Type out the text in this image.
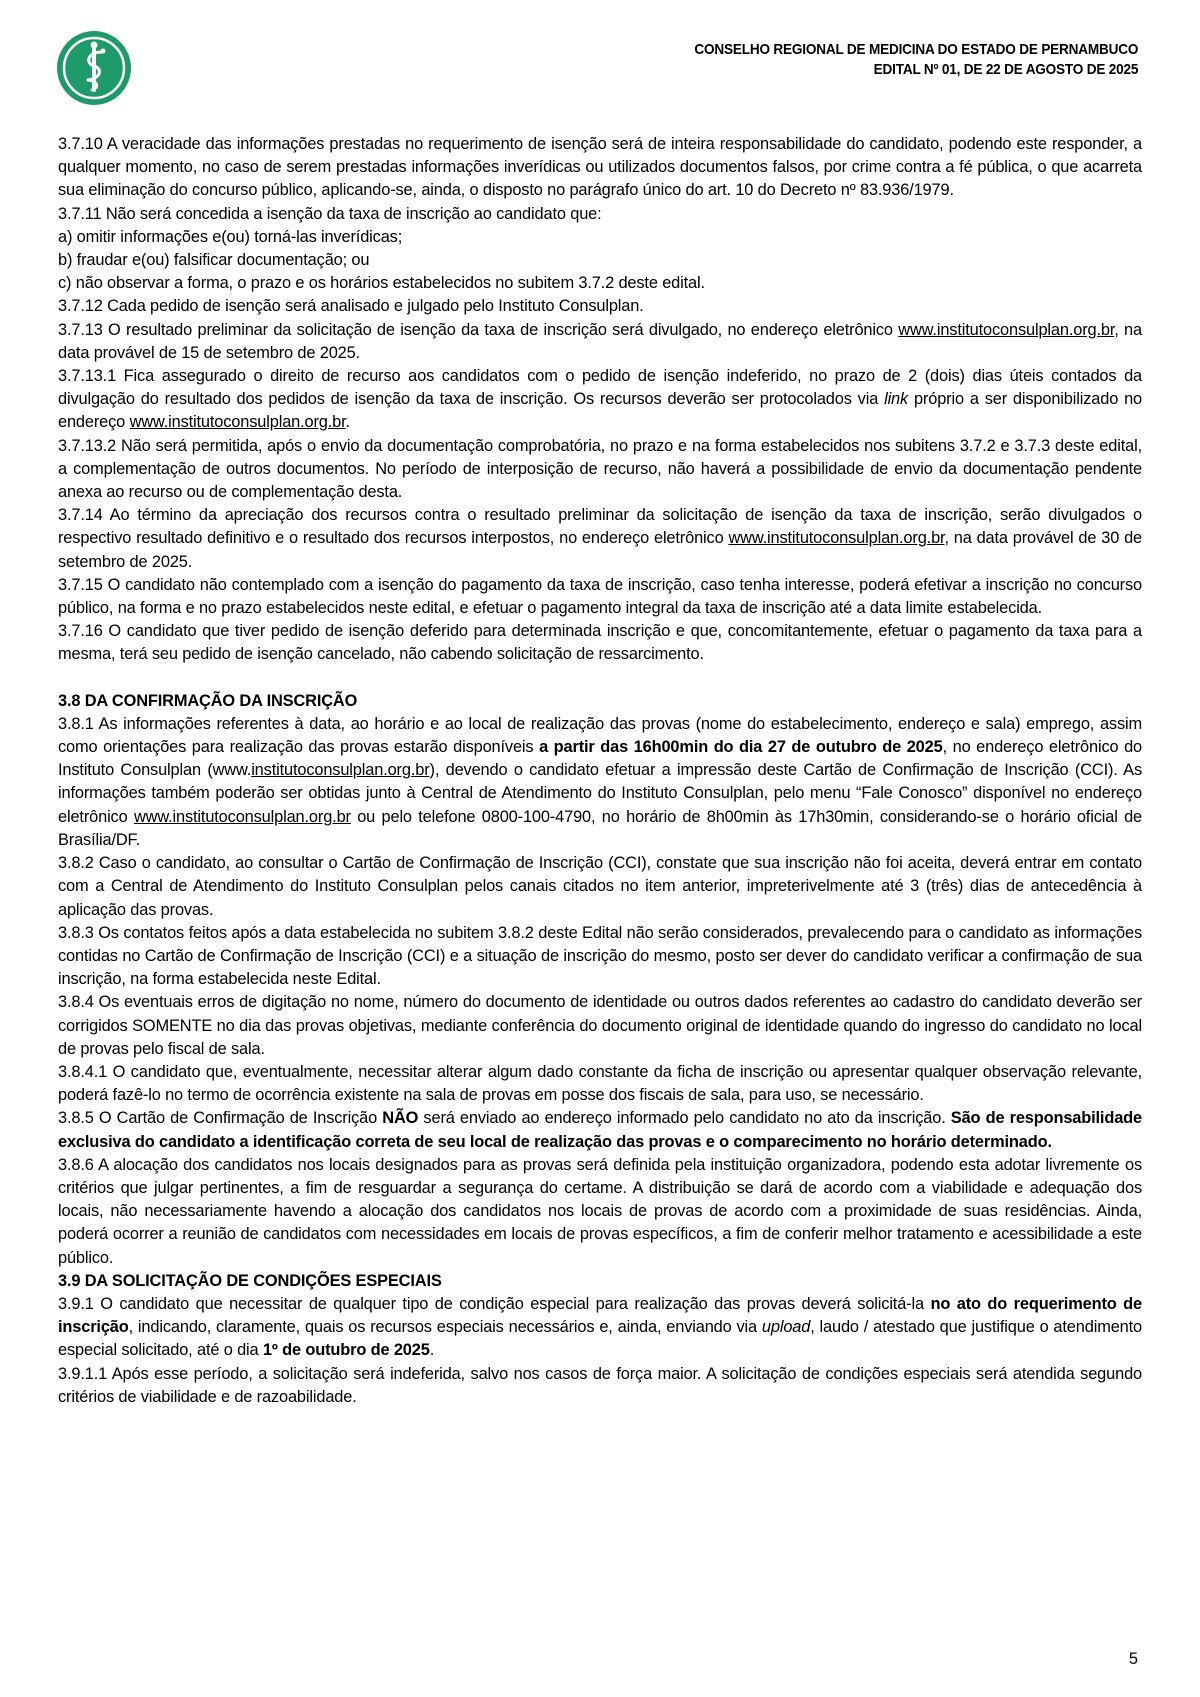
CONSELHO REGIONAL DE MEDICINA DO ESTADO DE PERNAMBUCO
EDITAL Nº 01, DE 22 DE AGOSTO DE 2025

3.7.10 A veracidade das informações prestadas no requerimento de isenção será de inteira responsabilidade do candidato, podendo este responder, a qualquer momento, no caso de serem prestadas informações inverídicas ou utilizados documentos falsos, por crime contra a fé pública, o que acarreta sua eliminação do concurso público, aplicando-se, ainda, o disposto no parágrafo único do art. 10 do Decreto nº 83.936/1979.

3.7.11 Não será concedida a isenção da taxa de inscrição ao candidato que:

a) omitir informações e(ou) torná-las inverídicas;

b) fraudar e(ou) falsificar documentação; ou

c) não observar a forma, o prazo e os horários estabelecidos no subitem 3.7.2 deste edital.

3.7.12 Cada pedido de isenção será analisado e julgado pelo Instituto Consulplan.

3.7.13 O resultado preliminar da solicitação de isenção da taxa de inscrição será divulgado, no endereço eletrônico www.institutoconsulplan.org.br, na data provável de 15 de setembro de 2025.

3.7.13.1 Fica assegurado o direito de recurso aos candidatos com o pedido de isenção indeferido, no prazo de 2 (dois) dias úteis contados da divulgação do resultado dos pedidos de isenção da taxa de inscrição. Os recursos deverão ser protocolados via link próprio a ser disponibilizado no endereço www.institutoconsulplan.org.br.

3.7.13.2 Não será permitida, após o envio da documentação comprobatória, no prazo e na forma estabelecidos nos subitens 3.7.2 e 3.7.3 deste edital, a complementação de outros documentos. No período de interposição de recurso, não haverá a possibilidade de envio da documentação pendente anexa ao recurso ou de complementação desta.

3.7.14 Ao término da apreciação dos recursos contra o resultado preliminar da solicitação de isenção da taxa de inscrição, serão divulgados o respectivo resultado definitivo e o resultado dos recursos interpostos, no endereço eletrônico www.institutoconsulplan.org.br, na data provável de 30 de setembro de 2025.

3.7.15 O candidato não contemplado com a isenção do pagamento da taxa de inscrição, caso tenha interesse, poderá efetivar a inscrição no concurso público, na forma e no prazo estabelecidos neste edital, e efetuar o pagamento integral da taxa de inscrição até a data limite estabelecida.

3.7.16 O candidato que tiver pedido de isenção deferido para determinada inscrição e que, concomitantemente, efetuar o pagamento da taxa para a mesma, terá seu pedido de isenção cancelado, não cabendo solicitação de ressarcimento.

3.8 DA CONFIRMAÇÃO DA INSCRIÇÃO

3.8.1 As informações referentes à data, ao horário e ao local de realização das provas (nome do estabelecimento, endereço e sala) emprego, assim como orientações para realização das provas estarão disponíveis a partir das 16h00min do dia 27 de outubro de 2025, no endereço eletrônico do Instituto Consulplan (www.institutoconsulplan.org.br), devendo o candidato efetuar a impressão deste Cartão de Confirmação de Inscrição (CCI). As informações também poderão ser obtidas junto à Central de Atendimento do Instituto Consulplan, pelo menu “Fale Conosco” disponível no endereço eletrônico www.institutoconsulplan.org.br ou pelo telefone 0800-100-4790, no horário de 8h00min às 17h30min, considerando-se o horário oficial de Brasília/DF.

3.8.2 Caso o candidato, ao consultar o Cartão de Confirmação de Inscrição (CCI), constate que sua inscrição não foi aceita, deverá entrar em contato com a Central de Atendimento do Instituto Consulplan pelos canais citados no item anterior, impreterivelmente até 3 (três) dias de antecedência à aplicação das provas.

3.8.3 Os contatos feitos após a data estabelecida no subitem 3.8.2 deste Edital não serão considerados, prevalecendo para o candidato as informações contidas no Cartão de Confirmação de Inscrição (CCI) e a situação de inscrição do mesmo, posto ser dever do candidato verificar a confirmação de sua inscrição, na forma estabelecida neste Edital.

3.8.4 Os eventuais erros de digitação no nome, número do documento de identidade ou outros dados referentes ao cadastro do candidato deverão ser corrigidos SOMENTE no dia das provas objetivas, mediante conferência do documento original de identidade quando do ingresso do candidato no local de provas pelo fiscal de sala.

3.8.4.1 O candidato que, eventualmente, necessitar alterar algum dado constante da ficha de inscrição ou apresentar qualquer observação relevante, poderá fazê-lo no termo de ocorrência existente na sala de provas em posse dos fiscais de sala, para uso, se necessário.

3.8.5 O Cartão de Confirmação de Inscrição NÃO será enviado ao endereço informado pelo candidato no ato da inscrição. São de responsabilidade exclusiva do candidato a identificação correta de seu local de realização das provas e o comparecimento no horário determinado.

3.8.6 A alocação dos candidatos nos locais designados para as provas será definida pela instituição organizadora, podendo esta adotar livremente os critérios que julgar pertinentes, a fim de resguardar a segurança do certame. A distribuição se dará de acordo com a viabilidade e adequação dos locais, não necessariamente havendo a alocação dos candidatos nos locais de provas de acordo com a proximidade de suas residências. Ainda, poderá ocorrer a reunião de candidatos com necessidades em locais de provas específicos, a fim de conferir melhor tratamento e acessibilidade a este público.

3.9 DA SOLICITAÇÃO DE CONDIÇÕES ESPECIAIS

3.9.1 O candidato que necessitar de qualquer tipo de condição especial para realização das provas deverá solicitá-la no ato do requerimento de inscrição, indicando, claramente, quais os recursos especiais necessários e, ainda, enviando via upload, laudo / atestado que justifique o atendimento especial solicitado, até o dia 1º de outubro de 2025.

3.9.1.1 Após esse período, a solicitação será indeferida, salvo nos casos de força maior. A solicitação de condições especiais será atendida segundo critérios de viabilidade e de razoabilidade.

5
